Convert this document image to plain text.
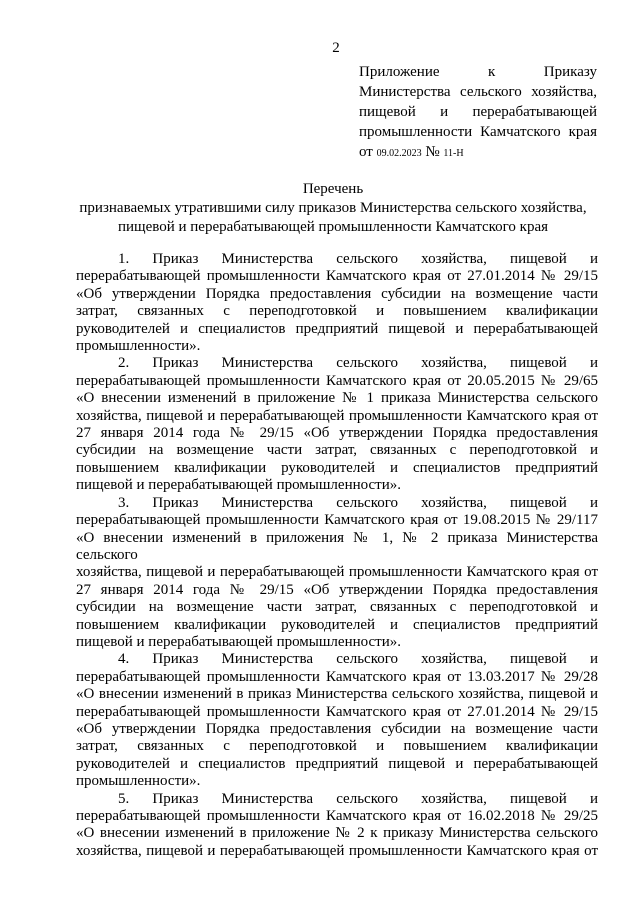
2
Приложение к Приказу
Министерства сельского хозяйства,
пищевой и перерабатывающей
промышленности Камчатского края
от 09.02.2023 № 11-Н
Перечень
признаваемых утратившими силу приказов Министерства сельского хозяйства,
пищевой и перерабатывающей промышленности Камчатского края
1. Приказ Министерства сельского хозяйства, пищевой и
перерабатывающей промышленности Камчатского края от 27.01.2014 № 29/15
«Об утверждении Порядка предоставления субсидии на возмещение части
затрат, связанных с переподготовкой и повышением квалификации
руководителей и специалистов предприятий пищевой и перерабатывающей
промышленности».
2. Приказ Министерства сельского хозяйства, пищевой и
перерабатывающей промышленности Камчатского края от 20.05.2015 № 29/65
«О внесении изменений в приложение № 1 приказа Министерства сельского
хозяйства, пищевой и перерабатывающей промышленности Камчатского края от
27 января 2014 года № 29/15 «Об утверждении Порядка предоставления
субсидии на возмещение части затрат, связанных с переподготовкой и
повышением квалификации руководителей и специалистов предприятий
пищевой и перерабатывающей промышленности».
3. Приказ Министерства сельского хозяйства, пищевой и
перерабатывающей промышленности Камчатского края от 19.08.2015 № 29/117
«О внесении изменений в приложения № 1, № 2 приказа Министерства сельского
хозяйства, пищевой и перерабатывающей промышленности Камчатского края от
27 января 2014 года № 29/15 «Об утверждении Порядка предоставления
субсидии на возмещение части затрат, связанных с переподготовкой и
повышением квалификации руководителей и специалистов предприятий
пищевой и перерабатывающей промышленности».
4. Приказ Министерства сельского хозяйства, пищевой и
перерабатывающей промышленности Камчатского края от 13.03.2017 № 29/28
«О внесении изменений в приказ Министерства сельского хозяйства, пищевой и
перерабатывающей промышленности Камчатского края от 27.01.2014 № 29/15
«Об утверждении Порядка предоставления субсидии на возмещение части
затрат, связанных с переподготовкой и повышением квалификации
руководителей и специалистов предприятий пищевой и перерабатывающей
промышленности».
5. Приказ Министерства сельского хозяйства, пищевой и
перерабатывающей промышленности Камчатского края от 16.02.2018 № 29/25
«О внесении изменений в приложение № 2 к приказу Министерства сельского
хозяйства, пищевой и перерабатывающей промышленности Камчатского края от
